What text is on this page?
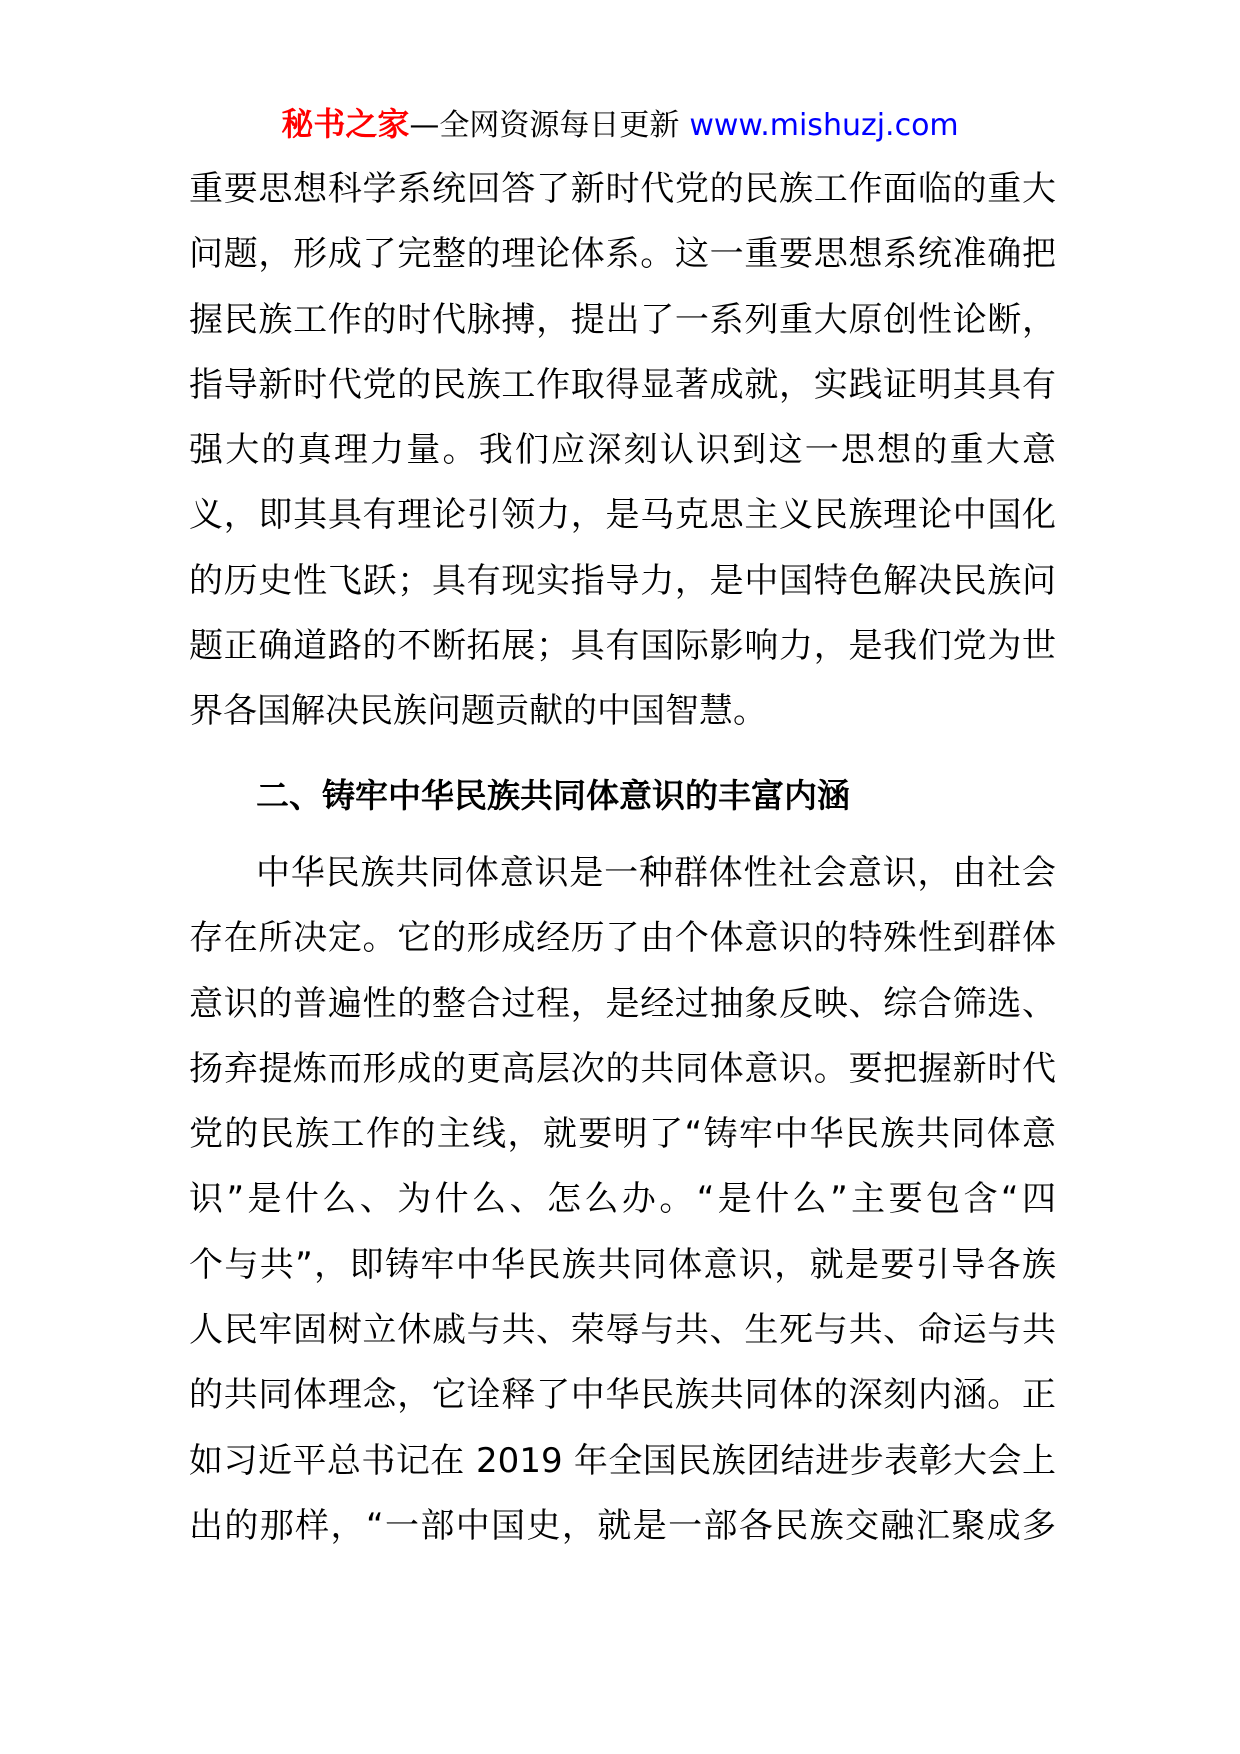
秘书之家—全网资源每日更新 www.mishuzj.com
重要思想科学系统回答了新时代党的民族工作面临的重大
问题，形成了完整的理论体系。这一重要思想系统准确把
握民族工作的时代脉搏，提出了一系列重大原创性论断，
指导新时代党的民族工作取得显著成就，实践证明其具有
强大的真理力量。我们应深刻认识到这一思想的重大意
义，即其具有理论引领力，是马克思主义民族理论中国化
的历史性飞跃；具有现实指导力，是中国特色解决民族问
题正确道路的不断拓展；具有国际影响力，是我们党为世
界各国解决民族问题贡献的中国智慧。
二、铸牢中华民族共同体意识的丰富内涵
中华民族共同体意识是一种群体性社会意识，由社会
存在所决定。它的形成经历了由个体意识的特殊性到群体
意识的普遍性的整合过程，是经过抽象反映、综合筛选、
扬弃提炼而形成的更高层次的共同体意识。要把握新时代
党的民族工作的主线，就要明了“铸牢中华民族共同体意
识”是什么、为什么、怎么办。“是什么”主要包含“四
个与共”，即铸牢中华民族共同体意识，就是要引导各族
人民牢固树立休戚与共、荣辱与共、生死与共、命运与共
的共同体理念，它诠释了中华民族共同体的深刻内涵。正
如习近平总书记在 2019 年全国民族团结进步表彰大会上
出的那样，“一部中国史，就是一部各民族交融汇聚成多
